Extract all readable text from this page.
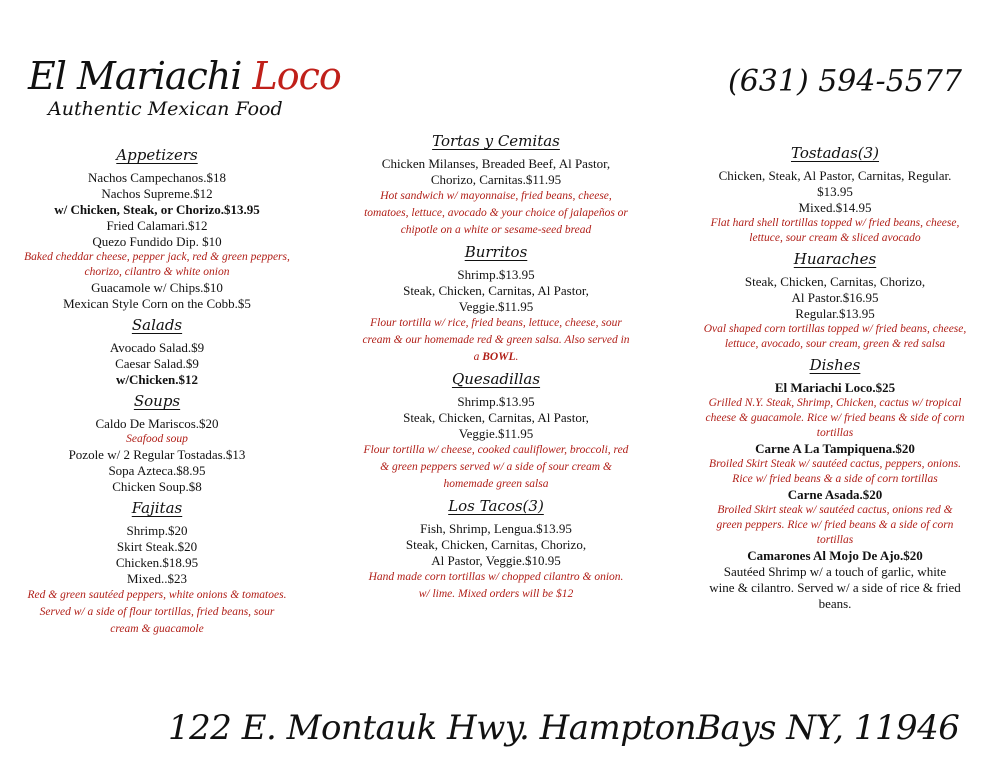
El Mariachi Loco
Authentic Mexican Food
(631) 594-5577
Appetizers
Nachos Campechanos.$18
Nachos Supreme.$12
w/ Chicken, Steak, or Chorizo.$13.95
Fried Calamari.$12
Quezo Fundido Dip. $10
Baked cheddar cheese, pepper jack, red & green peppers,
chorizo, cilantro & white onion
Guacamole w/ Chips.$10
Mexican Style Corn on the Cobb.$5
Salads
Avocado Salad.$9
Caesar Salad.$9
w/Chicken.$12
Soups
Caldo De Mariscos.$20
Seafood soup
Pozole w/ 2 Regular Tostadas.$13
Sopa Azteca.$8.95
Chicken Soup.$8
Fajitas
Shrimp.$20
Skirt Steak.$20
Chicken.$18.95
Mixed..$23
Red & green sautéed peppers, white onions & tomatoes.
Served w/ a side of flour tortillas, fried beans, sour
cream & guacamole
Tortas y Cemitas
Chicken Milanses, Breaded Beef, Al Pastor,
Chorizo, Carnitas.$11.95
Hot sandwich w/ mayonnaise, fried beans, cheese,
tomatoes, lettuce, avocado & your choice of jalapeños or
chipotle on a white or sesame-seed bread
Burritos
Shrimp.$13.95
Steak, Chicken, Carnitas, Al Pastor,
Veggie.$11.95
Flour tortilla w/ rice, fried beans, lettuce, cheese, sour
cream & our homemade red & green salsa. Also served in
a BOWL.
Quesadillas
Shrimp.$13.95
Steak, Chicken, Carnitas, Al Pastor,
Veggie.$11.95
Flour tortilla w/ cheese, cooked cauliflower, broccoli, red
& green peppers served w/ a side of sour cream &
homemade green salsa
Los Tacos(3)
Fish, Shrimp, Lengua.$13.95
Steak, Chicken, Carnitas, Chorizo,
Al Pastor, Veggie.$10.95
Hand made corn tortillas w/ chopped cilantro & onion.
w/ lime. Mixed orders will be $12
Tostadas(3)
Chicken, Steak, Al Pastor, Carnitas, Regular.
$13.95
Mixed.$14.95
Flat hard shell tortillas topped w/ fried beans, cheese,
lettuce, sour cream & sliced avocado
Huaraches
Steak, Chicken, Carnitas, Chorizo,
Al Pastor.$16.95
Regular.$13.95
Oval shaped corn tortillas topped w/ fried beans, cheese,
lettuce, avocado, sour cream, green & red salsa
Dishes
El Mariachi Loco.$25
Grilled N.Y. Steak, Shrimp, Chicken, cactus w/ tropical
cheese & guacamole. Rice w/ fried beans & side of corn
tortillas
Carne A La Tampiquena.$20
Broiled Skirt Steak w/ sautéed cactus, peppers, onions.
Rice w/ fried beans & a side of corn tortillas
Carne Asada.$20
Broiled Skirt steak w/ sautéed cactus, onions red &
green peppers. Rice w/ fried beans & a side of corn
tortillas
Camarones Al Mojo De Ajo.$20
Sautéed Shrimp w/ a touch of garlic, white
wine & cilantro. Served w/ a side of rice & fried
beans.
122 E. Montauk Hwy. HamptonBays NY, 11946
